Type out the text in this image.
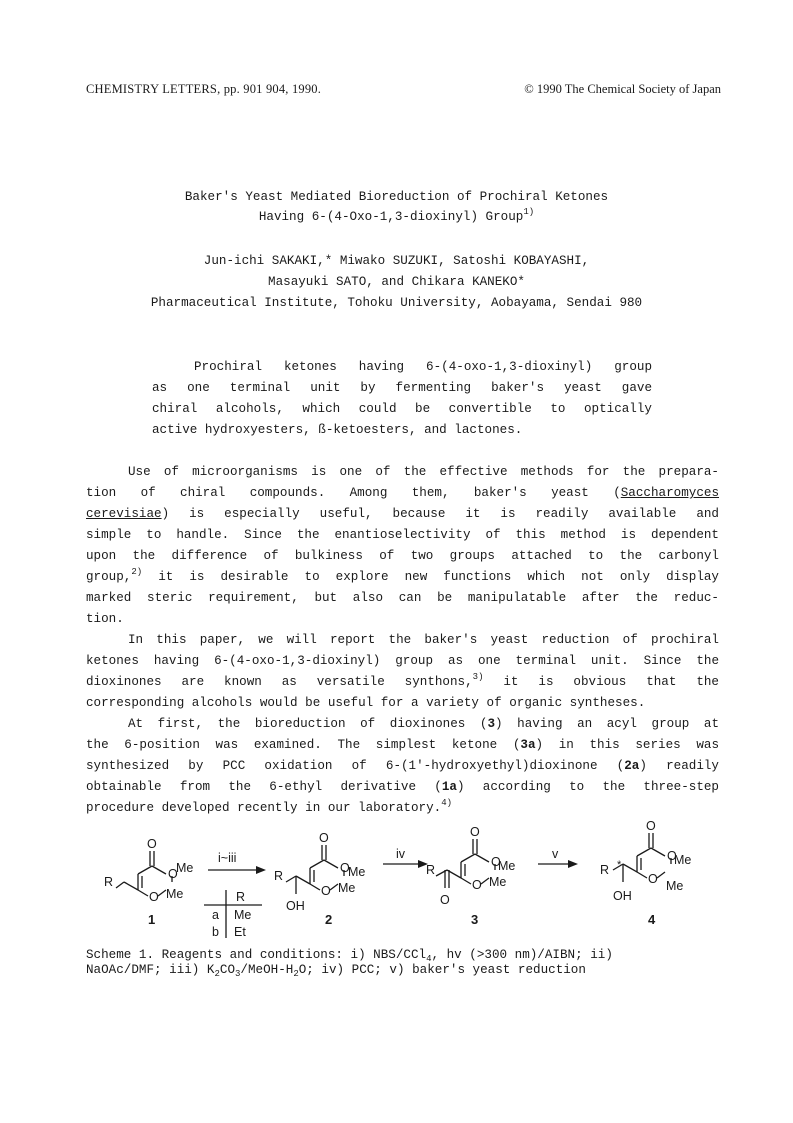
CHEMISTRY LETTERS, pp. 901 904, 1990.	© 1990 The Chemical Society of Japan
Baker's Yeast Mediated Bioreduction of Prochiral Ketones
Having 6-(4-Oxo-1,3-dioxinyl) Group$^{1)}$
Jun-ichi SAKAKI,* Miwako SUZUKI, Satoshi KOBAYASHI,
Masayuki SATO, and Chikara KANEKO*
Pharmaceutical Institute, Tohoku University, Aobayama, Sendai 980
Prochiral ketones having 6-(4-oxo-1,3-dioxinyl) group
as one terminal unit by fermenting baker's yeast gave
chiral alcohols, which could be convertible to optically
active hydroxyesters, ß-ketoesters, and lactones.
Use of microorganisms is one of the effective methods for the prepara-
tion of chiral compounds. Among them, baker's yeast (Saccharomyces
cerevisiae) is especially useful, because it is readily available and
simple to handle. Since the enantioselectivity of this method is dependent
upon the difference of bulkiness of two groups attached to the carbonyl
group,$^{2)}$ it is desirable to explore new functions which not only display
marked steric requirement, but also can be manipulatable after the reduc-
tion.
In this paper, we will report the baker's yeast reduction of prochiral
ketones having 6-(4-oxo-1,3-dioxinyl) group as one terminal unit. Since the
dioxinones are known as versatile synthons,$^{3)}$ it is obvious that the
corresponding alcohols would be useful for a variety of organic syntheses.
At first, the bioreduction of dioxinones (3) having an acyl group at
the 6-position was examined. The simplest ketone (3a) in this series was
synthesized by PCC oxidation of 6-(1'-hydroxyethyl)dioxinone (2a) readily
obtainable from the 6-ethyl derivative (1a) according to the three-step
procedure developed recently in our laboratory.$^{4)}$
O
O
O
Me
Me
R
O
O
O
Me
Me
R
OH
O
O
O
Me
Me
R
O
O
O
O
Me
Me
R *
OH
i~iii	iv	v
R
a Me
b Et
1	2	3	4
Scheme 1. Reagents and conditions: i) NBS/CCl$_4$, hv (>300 nm)/AIBN; ii)
NaOAc/DMF; iii) $K_2CO_3/MeOH-H_2O$; iv) PCC; v) baker's yeast reduction
